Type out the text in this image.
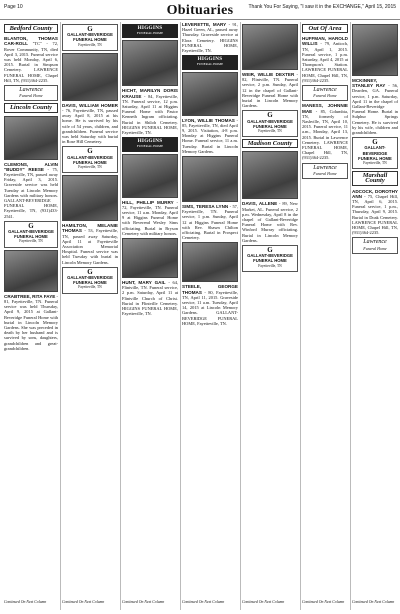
Page 10	Obituaries	Thank You For Saying, "I saw it in the EXCHANGE," April 15, 2015
Bedford County

BLANTON, THOMAS CAR-ROLL "TC" - 72, Rover Community, TN, died April 3, 2015. Funeral service was held Monday, April 6, 2015. Burial in Simpson Cemetery. LAWRENCE FUNERAL HOME, Chapel Hill, TN, (931)364-2235.

Lawrence
Funeral Home
Lincoln County

CLEMONS, ALVIN "BUDDY" REESE - 75, Fayetteville, TN, passed away Friday, April 3, 2015. Graveside service was held Tuesday at Lincoln Memory Gardens with military honors. GALLANT-BEVERIDGE FUNERAL HOME, Fayetteville, TN, (931)433-2541.

G
GALLANT-BEVERIDGE FUNERAL HOME
Fayetteville, TN

CRABTREE, RITA FAYE - 81, Fayetteville, TN. Funeral service was held Thursday, April 9, 2015 at Gallant-Beveridge Funeral Home with burial in Lincoln Memory Gardens. She was preceded in death by her husband and is survived by sons, daughters, grandchildren and great-grandchildren.

Continued On Next Column
G
GALLANT-BEVERIDGE FUNERAL HOME
Fayetteville, TN

DAVIS, WILLIAM HOMER - 76, Fayetteville, TN, passed away April 8, 2015 at his home. He is survived by his wife of 54 years, children, and grandchildren. Funeral service was held Saturday with burial in Rose Hill Cemetery.

G
GALLANT-BEVERIDGE FUNERAL HOME
Fayetteville, TN

HAMILTON, MELANIE THOMAS - 53, Fayetteville, TN, passed away Saturday, April 11 at Fayetteville Association Memorial Hospital. Funeral service was held Tuesday with burial in Lincoln Memory Gardens.

G
GALLANT-BEVERIDGE FUNERAL HOME
Fayetteville, TN
Continued On Next Column
HIGGINS
FUNERAL HOME

HICHT, MARILYN DORIS KRAUSE - 84, Fayetteville, TN. Funeral service, 12 p.m. Saturday, April 11 at Higgins Funeral Home with Pastor Kenneth Ingram officiating. Burial in Shiloh Cemetery. HIGGINS FUNERAL HOME, Fayetteville, TN.

HIGGINS
FUNERAL HOME

HILL, PHILLIP MURRY - 72, Fayetteville, TN. Funeral service, 11 a.m. Monday, April 9 at Higgins Funeral Home with Reverend Wesley Sims officiating. Burial in Bryson Cemetery with military honors.

HUNT, MARY GAIL - 64, Flintville, TN. Funeral service, 2 p.m. Saturday, April 11 at Flintville Church of Christ. Burial in Flintville Cemetery. HIGGINS FUNERAL HOME, Fayetteville, TN.

Continued On Next Column

LEVERETTE, MARY - 91, Hazel Green, AL, passed away Thursday. Graveside service at Elora Cemetery. HIGGINS FUNERAL HOME, Fayetteville, TN.

HIGGINS
FUNERAL HOME

LYON, WILLIE THOMAS - 85, Fayetteville, TN, died April 9, 2015. Visitation, 4-8 p.m. Monday at Higgins Funeral Home. Funeral service, 11 a.m. Tuesday. Burial in Lincoln Memory Gardens.

SIMS, TERESA LYNN - 57, Fayetteville, TN. Funeral service, 1 p.m. Sunday, April 12 at Higgins Funeral Home with Rev. Shawn Chilton officiating. Burial in Prospect Cemetery.

STEELE, GEORGE THOMAS - 80, Fayetteville, TN, April 11, 2015. Graveside service, 11 a.m. Tuesday, April 14, 2015 at Lincoln Memory Gardens. GALLANT-BEVERIDGE FUNERAL HOME, Fayetteville, TN.

Continued On Next Column

WEIR, WILLIE DEXTER - 82, Flintville, TN. Funeral service, 2 p.m. Sunday, April 12 in the chapel of Gallant-Beveridge Funeral Home with burial in Lincoln Memory Gardens.

G
GALLANT-BEVERIDGE FUNERAL HOME
Fayetteville, TN
Madison County

DAVIS, ALLENE - 89, New Market, AL. Funeral service, 2 p.m. Wednesday, April 8 in the chapel of Gallant-Beveridge Funeral Home with Rev. Winford Murray officiating. Burial in Lincoln Memory Gardens.

G
GALLANT-BEVERIDGE FUNERAL HOME
Fayetteville, TN
Continued On Next Column
Out Of Area

HUFFMAN, HAROLD WILLIS - 79, Antioch, TN, April 1, 2015. Funeral service, 1 p.m. Saturday, April 4, 2015 at Thompson's Station. LAWRENCE FUNERAL HOME, Chapel Hill, TN, (931)364-2235.

Lawrence
Funeral Home

MANESS, JOHNNIE MAE - 85, Columbia, TN, formerly of Nashville, TN, April 10, 2015. Funeral service, 11 a.m., Monday, April 13, 2015. Burial in Lawrence Cemetery. LAWRENCE FUNERAL HOME, Chapel Hill, TN, (931)364-2235.

Lawrence
Funeral Home
Continued On Next Column

MCKINNEY, STANLEY RAY - 56, Dearden, GA. Funeral service, 1 p.m. Saturday, April 11 in the chapel of Gallant-Beveridge Funeral Home. Burial in Sulphur Springs Cemetery. He is survived by his wife, children and grandchildren.

G
GALLANT-BEVERIDGE FUNERAL HOME
Fayetteville, TN
Marshall County

ADCOCK, DOROTHY ANN - 75, Chapel Hill, TN, April 6, 2015. Funeral service, 1 p.m., Thursday, April 9, 2015. Burial in Doak Cemetery. LAWRENCE FUNERAL HOME, Chapel Hill, TN, (931)364-2235.

Lawrence
Funeral Home
Continued On Next Column
